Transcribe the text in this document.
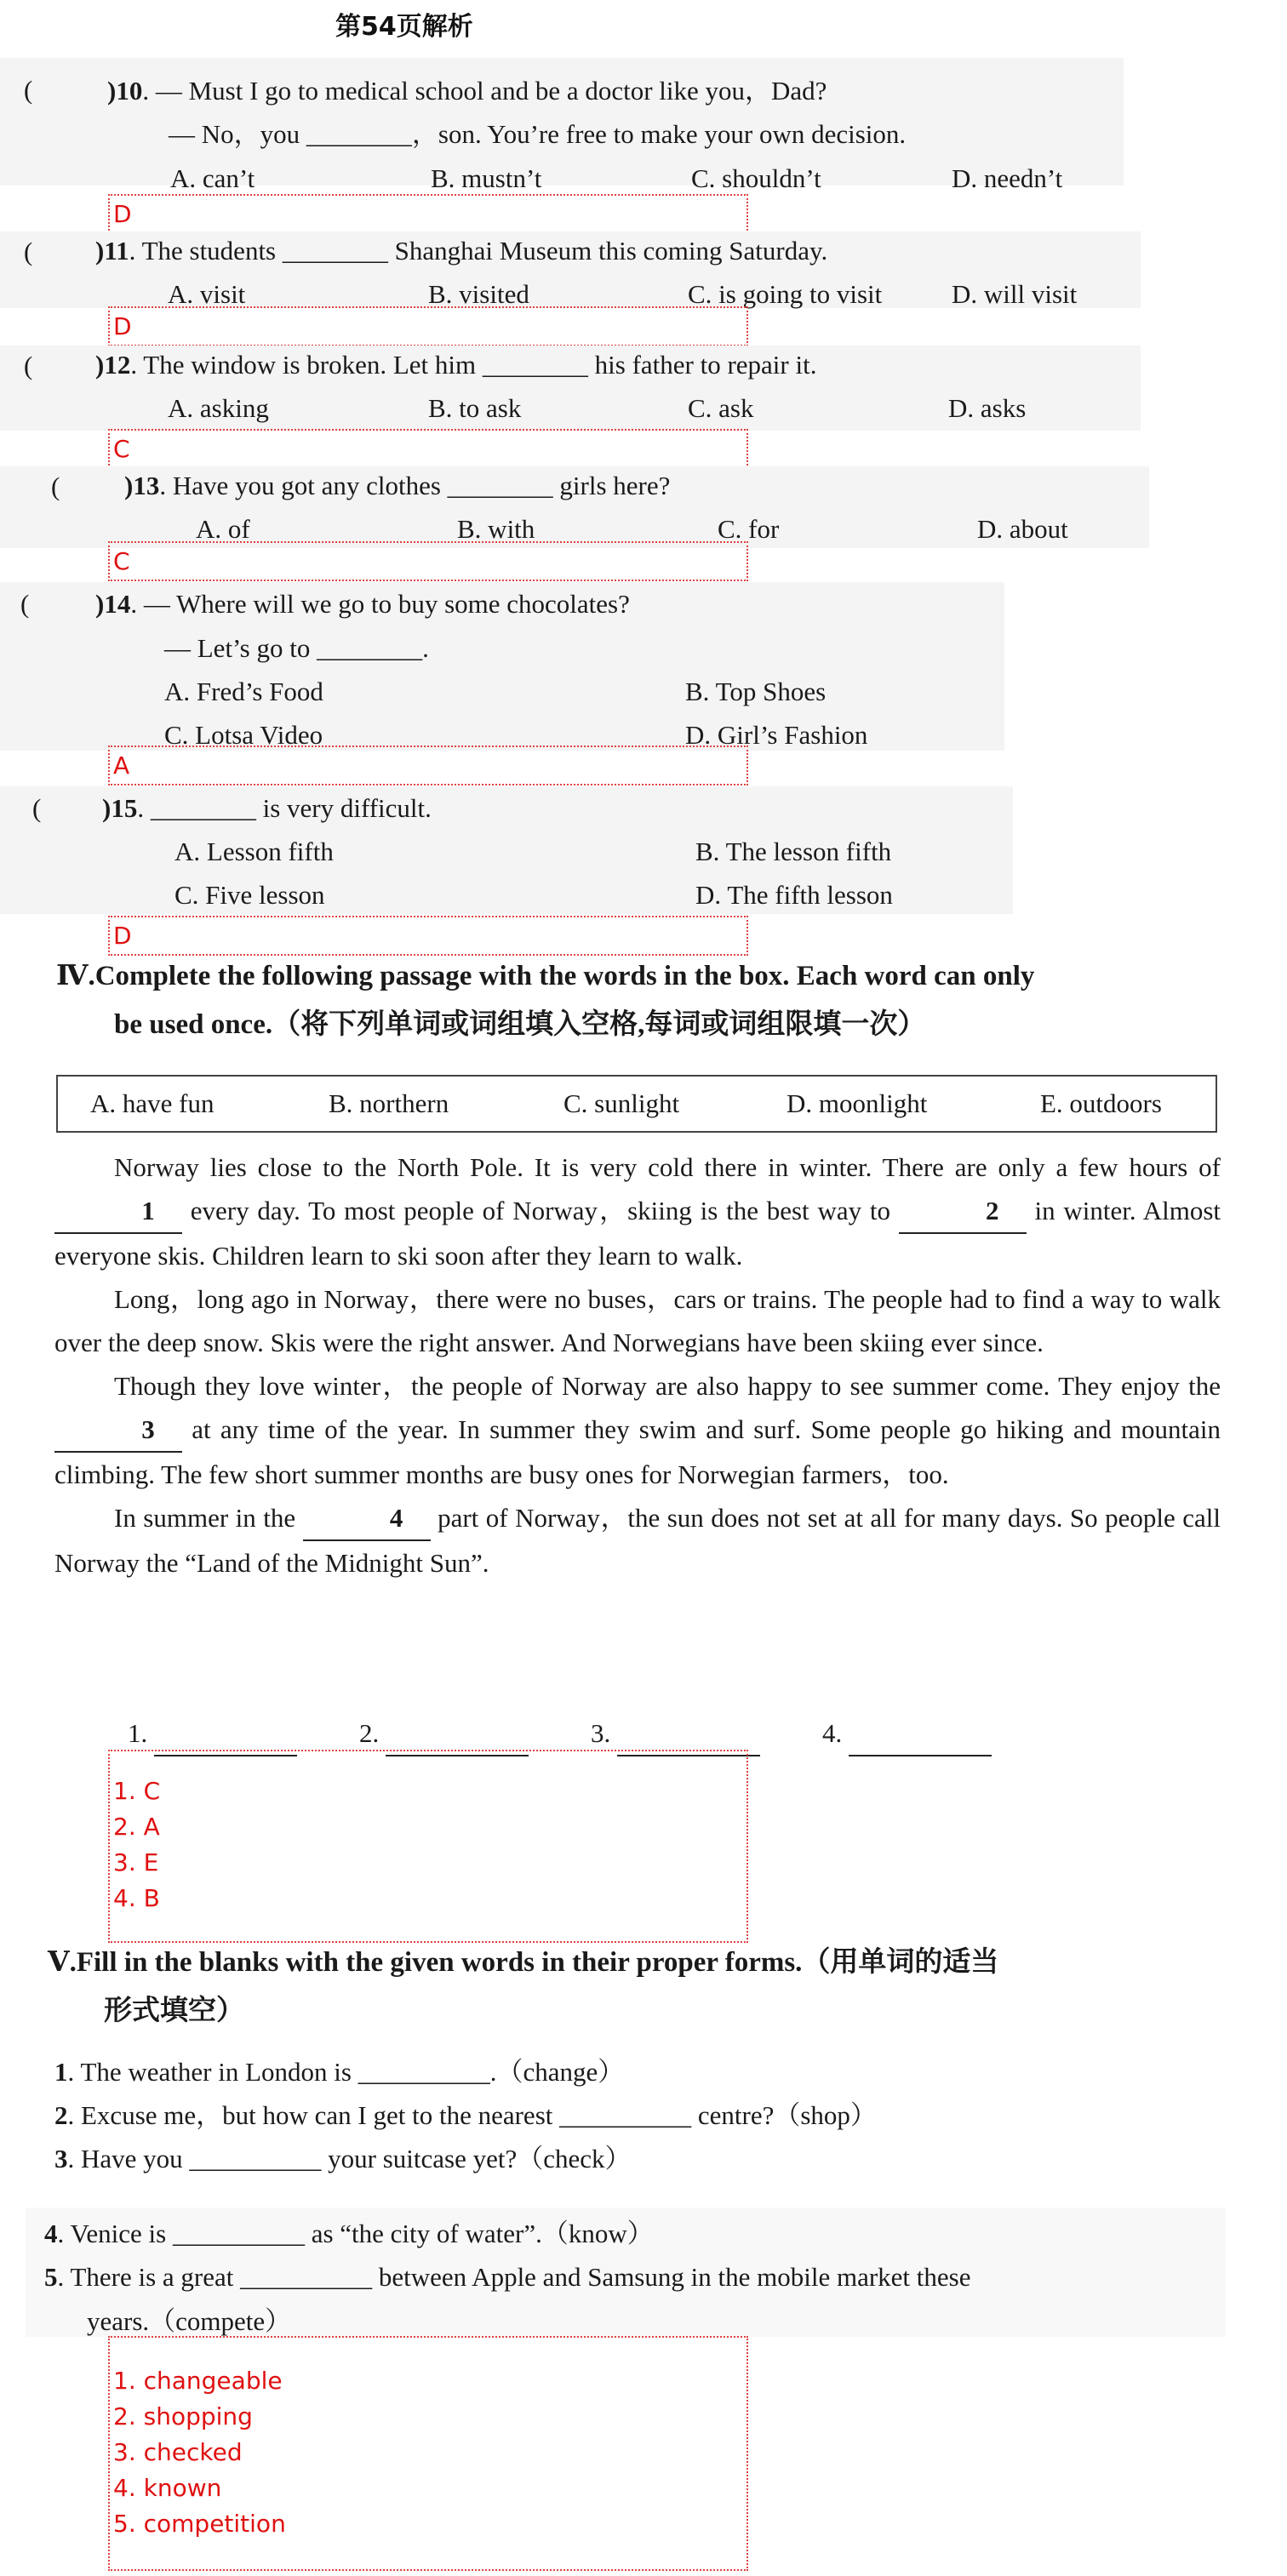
第54页解析
(	)10. — Must I go to medical school and be a doctor like you，Dad?
— No，you ________，son. You’re free to make your own decision.
A. can’t	B. mustn’t	C. shouldn’t	D. needn’t
D
( )11. The students ________ Shanghai Museum this coming Saturday.
A. visit	B. visited	C. is going to visit	D. will visit
D
( )12. The window is broken. Let him ________ his father to repair it.
A. asking	B. to ask	C. ask	D. asks
C
( )13. Have you got any clothes ________ girls here?
A. of	B. with	C. for	D. about
C
(	)14. — Where will we go to buy some chocolates?
— Let’s go to ________.
A. Fred’s Food	B. Top Shoes
C. Lotsa Video	D. Girl’s Fashion
A
( )15. ________ is very difficult.
A. Lesson fifth	B. The lesson fifth
C. Five lesson	D. The fifth lesson
D
Ⅳ.Complete the following passage with the words in the box. Each word can only
be used once.（将下列单词或词组填入空格,每词或词组限填一次）
A. have fun	B. northern	C. sunlight	D. moonlight	E. outdoors

Norway lies close to the North Pole. It is very cold there in winter. There are only a few hours of 1 every day. To most people of Norway，skiing is the best way to	2 in winter. Almost everyone skis. Children learn to ski soon after they learn to walk.

Long，long ago in Norway，there were no buses，cars or trains. The people had to find a way to walk over the deep snow. Skis were the right answer. And Norwegians have been skiing ever since.

Though they love winter，the people of Norway are also happy to see summer come. They enjoy the 3 at any time of the year. In summer they swim and surf. Some people go hiking and mountain climbing. The few short summer months are busy ones for Norwegian farmers，too.

In summer in the	4 part of Norway，the sun does not set at all for many days. So people call Norway the “Land of the Midnight Sun”.

1.	2.	3.	4.
1. C
2. A
3. E
4. B
Ⅴ.Fill in the blanks with the given words in their proper forms.（用单词的适当
形式填空）
1. The weather in London is __________.（change）
2. Excuse me，but how can I get to the nearest __________ centre?（shop）
3. Have you __________ your suitcase yet?（check）
4. Venice is __________ as “the city of water”.（know）
5. There is a great __________ between Apple and Samsung in the mobile market these
years.（compete）
1. changeable
2. shopping
3. checked
4. known
5. competition
